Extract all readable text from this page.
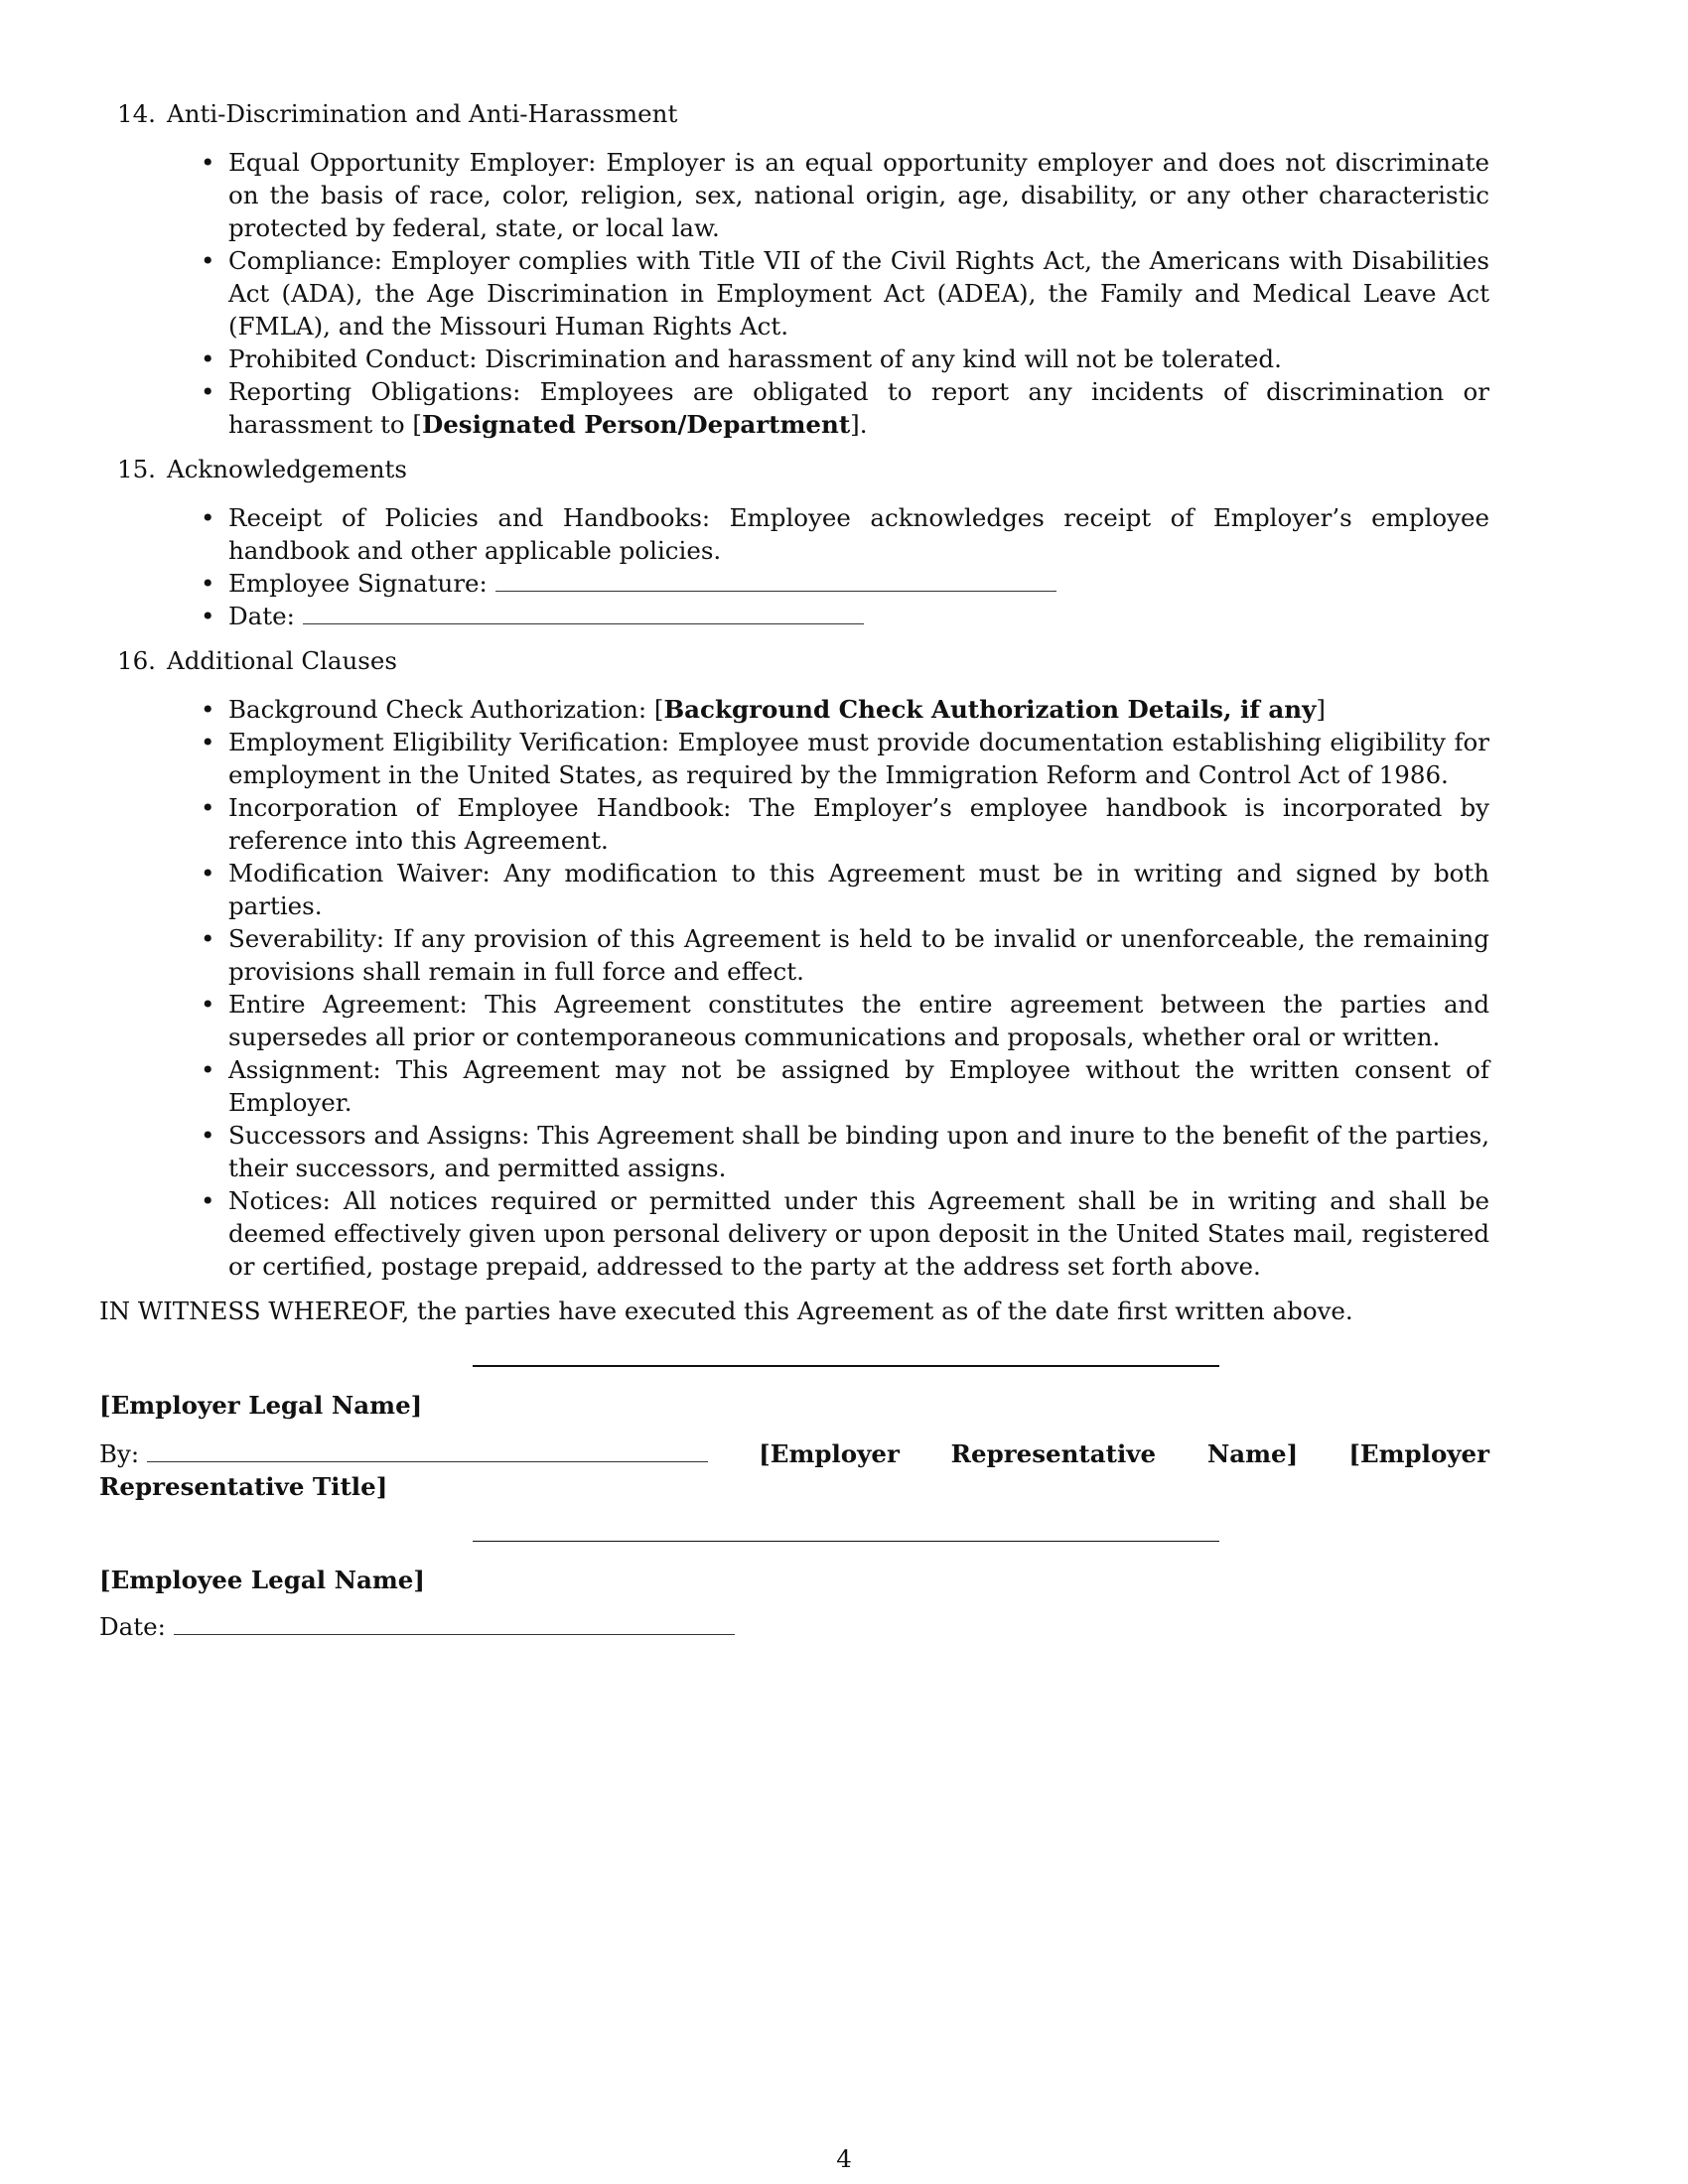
14. Anti-Discrimination and Anti-Harassment
• Equal Opportunity Employer: Employer is an equal opportunity employer and does not discriminate on the basis of race, color, religion, sex, national origin, age, disability, or any other characteristic protected by federal, state, or local law.
• Compliance: Employer complies with Title VII of the Civil Rights Act, the Americans with Disabilities Act (ADA), the Age Discrimination in Employment Act (ADEA), the Family and Medical Leave Act (FMLA), and the Missouri Human Rights Act.
• Prohibited Conduct: Discrimination and harassment of any kind will not be tolerated.
• Reporting Obligations: Employees are obligated to report any incidents of discrimination or harassment to [Designated Person/Department].
15. Acknowledgements
• Receipt of Policies and Handbooks: Employee acknowledges receipt of Employer’s employee handbook and other applicable policies.
• Employee Signature:
• Date:
16. Additional Clauses
• Background Check Authorization: [Background Check Authorization Details, if any]
• Employment Eligibility Verification: Employee must provide documentation establishing eligibility for employment in the United States, as required by the Immigration Reform and Control Act of 1986.
• Incorporation of Employee Handbook: The Employer’s employee handbook is incorporated by reference into this Agreement.
• Modification Waiver: Any modification to this Agreement must be in writing and signed by both parties.
• Severability: If any provision of this Agreement is held to be invalid or unenforceable, the remaining provisions shall remain in full force and effect.
• Entire Agreement: This Agreement constitutes the entire agreement between the parties and supersedes all prior or contemporaneous communications and proposals, whether oral or written.
• Assignment: This Agreement may not be assigned by Employee without the written consent of Employer.
• Successors and Assigns: This Agreement shall be binding upon and inure to the benefit of the parties, their successors, and permitted assigns.
• Notices: All notices required or permitted under this Agreement shall be in writing and shall be deemed effectively given upon personal delivery or upon deposit in the United States mail, registered or certified, postage prepaid, addressed to the party at the address set forth above.
IN WITNESS WHEREOF, the parties have executed this Agreement as of the date first written above.
[Employer Legal Name]
By:	[Employer Representative Name] [Employer Representative Title]
[Employee Legal Name]
Date:
4
